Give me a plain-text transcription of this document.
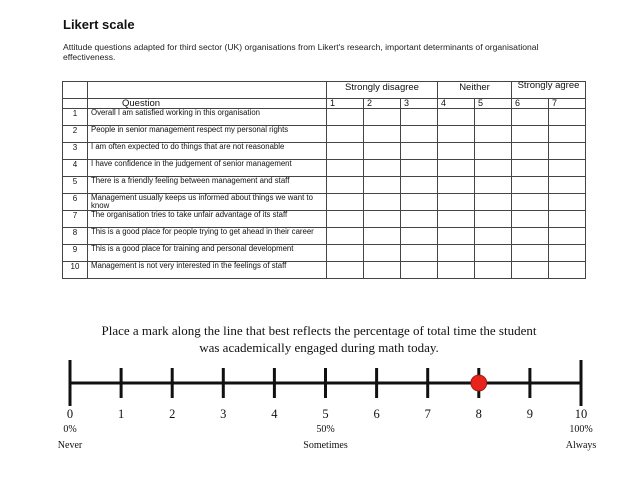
Likert scale
Attitude questions adapted for third sector (UK) organisations from Likert's research, important determinants of organisational effectiveness.
		Strongly disagree			Neither		Strongly agree	
	Question	1	2	3	4	5	6	7
1	Overall I am satisfied working in this organisation							
2	People in senior management respect my personal rights							
3	I am often expected to do things that are not reasonable							
4	I have confidence in the judgement of senior management							
5	There is a friendly feeling between management and staff							
6	Management usually keeps us informed about things we want to know							
7	The organisation tries to take unfair advantage of its staff							
8	This is a good place for people trying to get ahead in their career							
9	This is a good place for training and personal development							
10	Management is not very interested in the feelings of staff							
Place a mark along the line that best reflects the percentage of total time the student was academically engaged during math today.
0	1	2	3	4	5	6	7	8	9	10
0%
Never
50%
Sometimes
100%
Always
